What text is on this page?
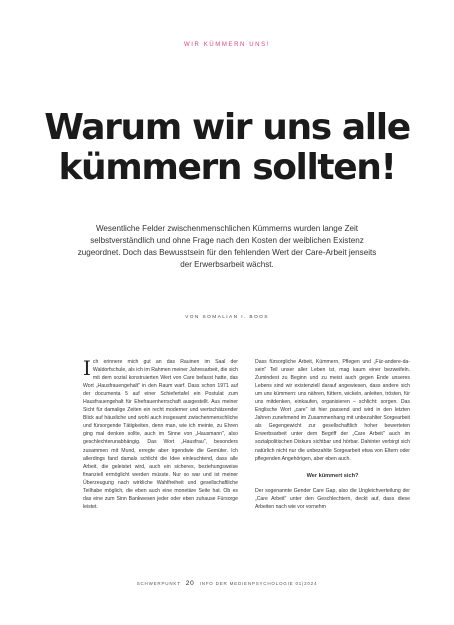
WIR KÜMMERN UNS!
Warum wir uns alle
kümmern sollten!
Wesentliche Felder zwischenmenschlichen Kümmerns wurden lange Zeit selbstverständlich und ohne Frage nach den Kosten der weiblichen Existenz zugeordnet. Doch das Bewusstsein für den fehlenden Wert der Care-Arbeit jenseits der Erwerbsarbeit wächst.
VON SOMALIAN I. BOOS

Ich erinnere mich gut an das Rauinen im Saal der Waldorfschule, als ich im Rahmen meiner Jahresarbeit, die sich mit dem sozial konstruierten Wert von Care befasst hatte, das Wort „Hausfrauengehalt" in den Raum warf. Dass schon 1971 auf der documenta 5 auf einer Schiefertafel ein Postulat zum Hausfrauengehalt für Ehefrauenherrschaft ausgestellt. Aus meiner Sicht für damalige Zeiten ein recht moderner und wertschätzender Blick auf häusliche und wohl auch insgesamt zwischenmenschliche und fürsorgende Tätigkeiten, denn man, wie ich meinte, zu Ehren ging mal denken sollte, auch im Sinne von „Hausmann", also geschlechterunabhängig. Das Wort „Hausfrau", besonders zusammen mit Mund, erregte aber irgendwie die Gemüter. Ich allerdings fand damals schlicht die Idee einleuchtend, dass alle Arbeit, die geleistet wird, auch ein sicheres, beziehungsweise finanziell ermöglicht werden müsste. Nur so war und ist meiner Überzeugung nach wirkliche Wahlfreiheit und gesellschaftliche Teilhabe möglich, die eben auch eine monetäre Seite hat. Ob es das eine zum Sinn Bankwesen jeder oder eben zuhause Fürsorge leistet.

Dass fürsorgliche Arbeit, Kümmern, Pflegen und „Für-andere-da-sein" Teil unser aller Leben ist, mag kaum einer bezweifeln. Zumindest zu Beginn und zu meist auch gegen Ende unseres Lebens sind wir existenziell darauf angewiesen, dass andere sich um uns kümmern: uns nähren, füttern, wickeln, anleiten, trösten, für uns mitdenken, einkaufen, organisieren – schlicht: sorgen. Das Englische Wort „care" ist hier passend und wird in den letzten Jahren zunehmend im Zusammenhang mit unbezahlter Sorgearbeit als Gegengewicht zur gesellschaftlich hoher bewerteten Erwerbsarbeit unter dem Begriff der „Care Arbeit" auch im sozialpolitischen Diskurs sichtbar und hörbar. Dahinter verbirgt sich natürlich nicht nur die unbezahlte Sorgearbeit etwa von Eltern oder pflegenden Angehörigen, aber eben auch.

Wer kümmert sich?

Der sogenannte Gender Care Gap, also die Ungleichverteilung der „Care Arbeit" unter den Geschlechtern, deckt auf, dass diese Arbeiten nach wie vor vornehm

SCHWERPUNKT 20 INFO DER MEDIENPSYCHOLOGIE 01|2024
